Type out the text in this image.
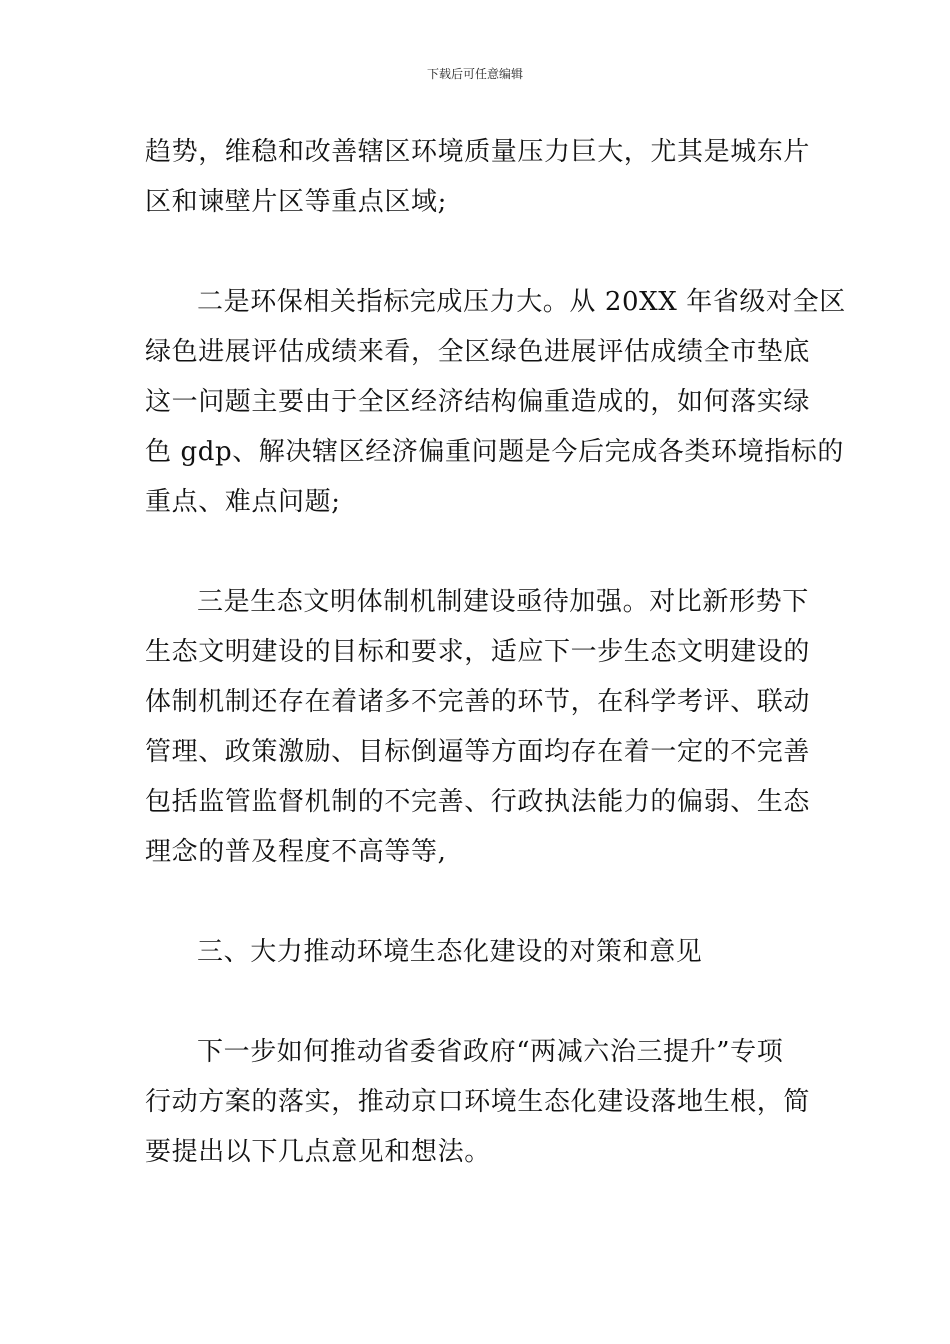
下载后可任意编辑
趋势，维稳和改善辖区环境质量压力巨大，尤其是城东片
区和谏壁片区等重点区域;
二是环保相关指标完成压力大。从 20XX 年省级对全区
绿色进展评估成绩来看，全区绿色进展评估成绩全市垫底
这一问题主要由于全区经济结构偏重造成的，如何落实绿
色 gdp、解决辖区经济偏重问题是今后完成各类环境指标的
重点、难点问题;
三是生态文明体制机制建设亟待加强。对比新形势下
生态文明建设的目标和要求，适应下一步生态文明建设的
体制机制还存在着诸多不完善的环节，在科学考评、联动
管理、政策激励、目标倒逼等方面均存在着一定的不完善
包括监管监督机制的不完善、行政执法能力的偏弱、生态
理念的普及程度不高等等,
三、大力推动环境生态化建设的对策和意见
下一步如何推动省委省政府“两减六治三提升”专项
行动方案的落实，推动京口环境生态化建设落地生根，简
要提出以下几点意见和想法。
